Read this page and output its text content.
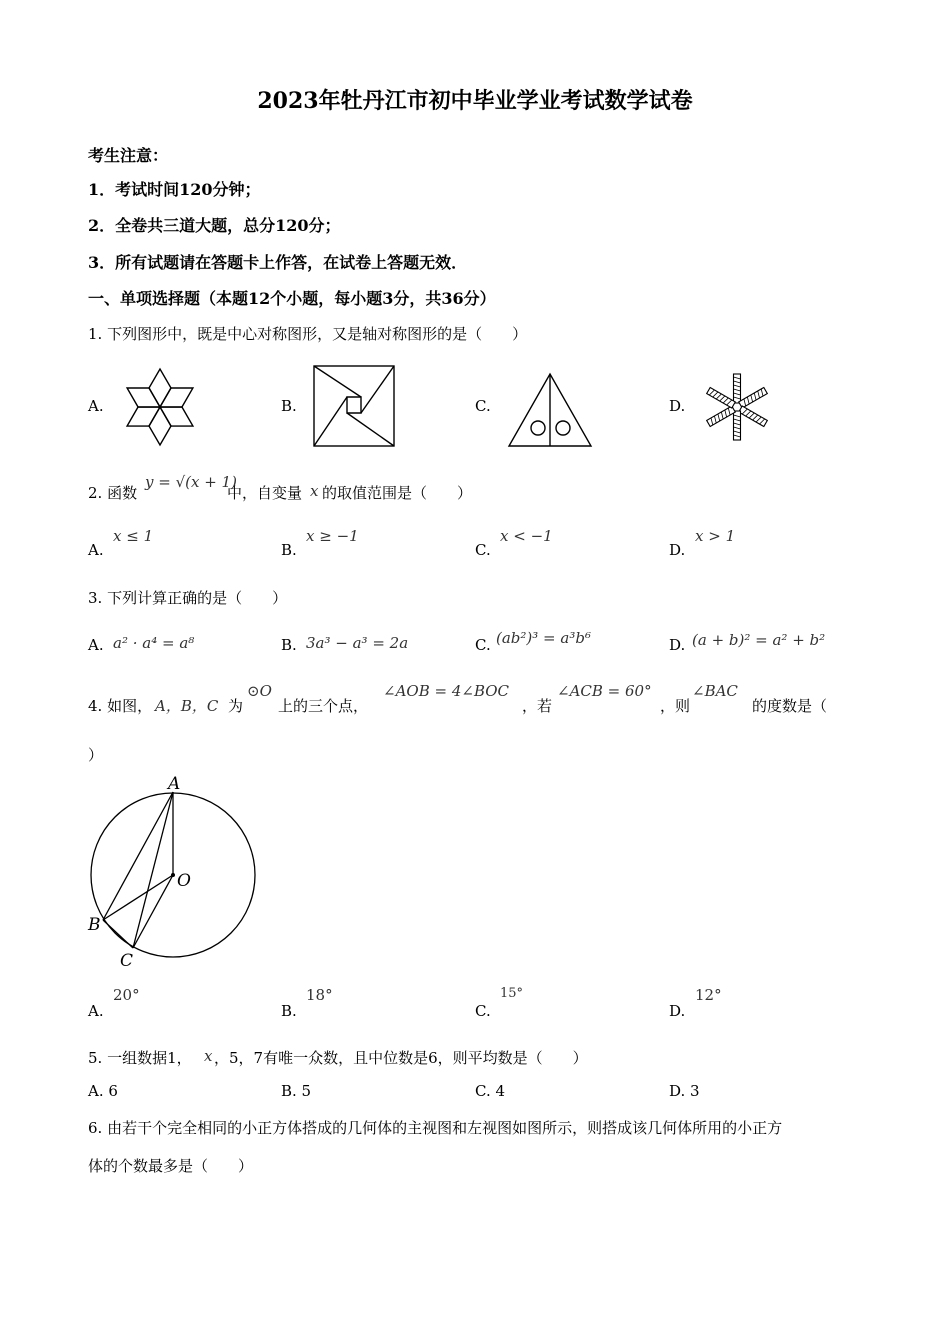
2023年牡丹江市初中毕业学业考试数学试卷
考生注意：
1．考试时间120分钟；
2．全卷共三道大题，总分120分；
3．所有试题请在答题卡上作答，在试卷上答题无效．
一、单项选择题（本题12个小题，每小题3分，共36分）
1. 下列图形中，既是中心对称图形，又是轴对称图形的是（　　）
A.	B.	C.	D.
2. 函数
y = √(x + 1)
中，自变量 x 的取值范围是（　　）
A.
x ≤ 1
B.
x ≥ −1
C.
x < −1
D.
x > 1
3. 下列计算正确的是（　　）
A. a² · a⁴ = a⁸	B. 3a³ − a³ = 2a	C. (ab²)³ = a³b⁶	D. (a + b)² = a² + b²
4. 如图， A，B，C 为
⊙O
上的三个点，
∠AOB = 4∠BOC
，若
∠ACB = 60°
，则
∠BAC
的度数是（
）
A
O
B
C
A.
20°
B.
18°
C.
15°
D.
12°
5. 一组数据1， x ，5，7有唯一众数，且中位数是6，则平均数是（　　）
A. 6	B. 5	C. 4	D. 3
6. 由若干个完全相同的小正方体搭成的几何体的主视图和左视图如图所示，则搭成该几何体所用的小正方
体的个数最多是（　　）
